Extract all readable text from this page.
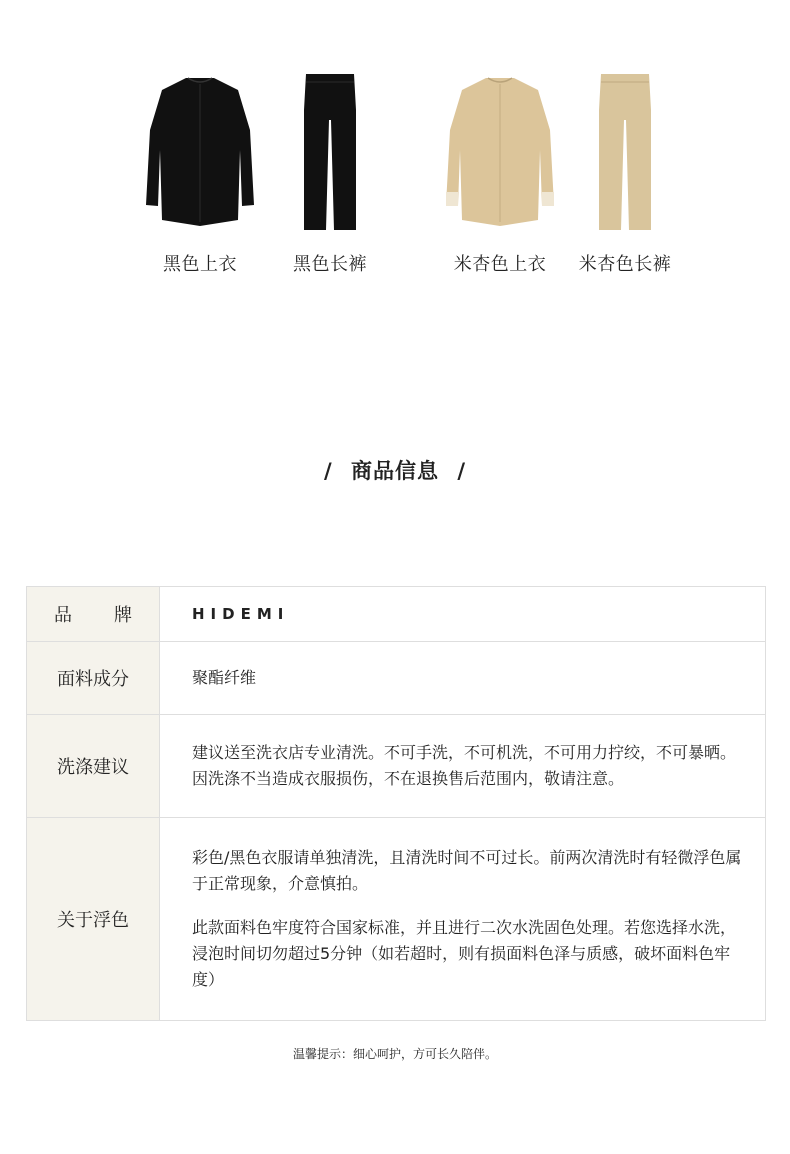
黑色上衣	黑色长裤	米杏色上衣	米杏色长裤
/ 商品信息 /
品 牌	HIDEMI
面料成分	聚酯纤维
洗涤建议	建议送至洗衣店专业清洗。不可手洗，不可机洗，不可用力拧绞，不可暴晒。因洗涤不当造成衣服损伤，不在退换售后范围内，敬请注意。
关于浮色	彩色/黑色衣服请单独清洗，且清洗时间不可过长。前两次清洗时有轻微浮色属于正常现象，介意慎拍。

此款面料色牢度符合国家标准，并且进行二次水洗固色处理。若您选择水洗，浸泡时间切勿超过5分钟（如若超时，则有损面料色泽与质感，破坏面料色牢度）

温馨提示：细心呵护，方可长久陪伴。
